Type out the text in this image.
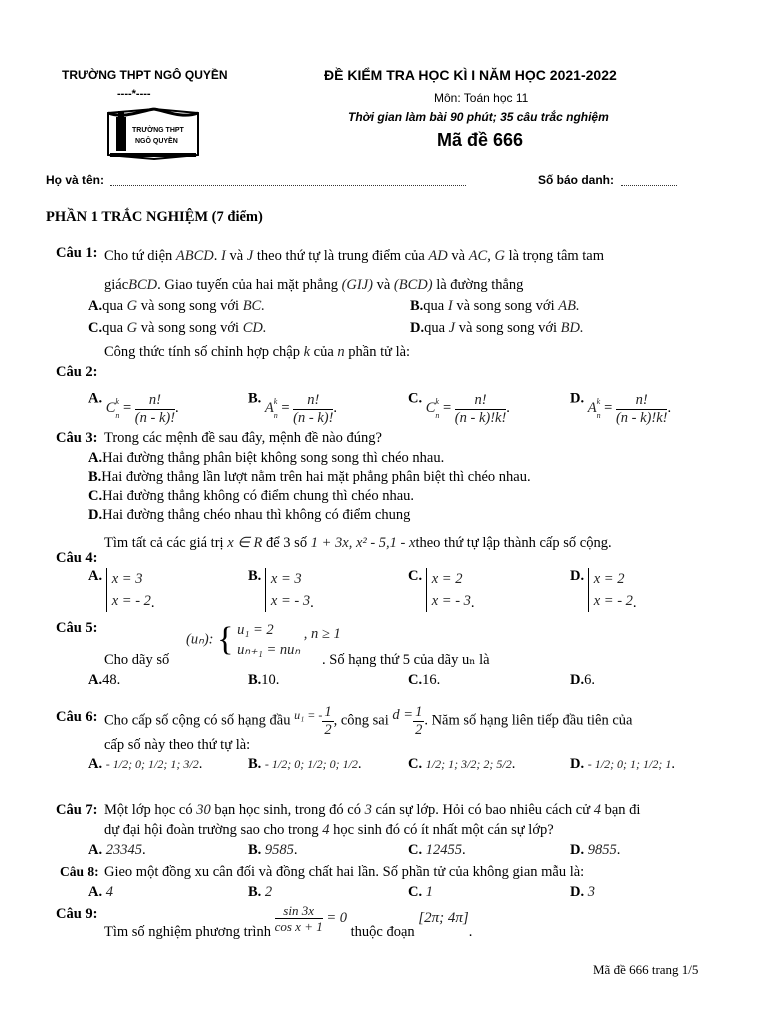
TRƯỜNG THPT NGÔ QUYỀN
----*----
TRƯỜNG THPT
NGÔ QUYỀN
ĐỀ KIỂM TRA HỌC KÌ I NĂM HỌC 2021-2022
Môn: Toán học 11
Thời gian làm bài 90 phút; 35 câu trắc nghiệm
Mã đề 666
Họ và tên:	Số báo danh:
PHẦN 1 TRẮC NGHIỆM (7 điểm)
Câu 1: Cho tứ diện ABCD. I và J theo thứ tự là trung điểm của AD và AC, G là trọng tâm tam
giácBCD. Giao tuyến của hai mặt phẳng (GIJ) và (BCD) là đường thẳng
A.qua G và song song với BC.	B.qua I và song song với AB.
C.qua G và song song với CD.	D.qua J và song song với BD.
Công thức tính số chỉnh hợp chập k của n phần tử là:
Câu 2:
A. $C_nk = \frac{n!}{(n - k)!}$ .
B. $A_nk = \frac{n!}{(n - k)!}$ .
C. $C_nk = \frac{n!}{(n - k)!k!}$ .
D. $A_nk = \frac{n!}{(n - k)!k!}$ .
Câu 3: Trong các mệnh đề sau đây, mệnh đề nào đúng?
A.Hai đường thẳng phân biệt không song song thì chéo nhau.
B.Hai đường thẳng lần lượt nằm trên hai mặt phẳng phân biệt thì chéo nhau.
C.Hai đường thẳng không có điểm chung thì chéo nhau.
D.Hai đường thẳng chéo nhau thì không có điểm chung
Tìm tất cả các giá trị x ∈ R để 3 số 1 + 3x, x² - 5,1 - xtheo thứ tự lập thành cấp số cộng.
Câu 4:
A. x = 3
x = - 2 .
B. x = 3
x = - 3 .
C. x = 2
x = - 3 .
D. x = 2
x = - 2 .
Câu 5:
(uₙ): { u₁ = 2
uₙ₊₁ = nuₙ
, n ≥ 1
Cho dãy số	. Số hạng thứ 5 của dãy uₙ là
A.48.	B.10.	C.16.	D.6.
Câu 6: Cho cấp số cộng có số hạng đầu $^{u_1 = -} \frac{1}{2}$ , công sai $d = \frac{1}{2}$ . Năm số hạng liên tiếp đầu tiên của
cấp số này theo thứ tự là:
A. - 1/2; 0; 1/2; 1; 3/2.	B. - 1/2; 0; 1/2; 0; 1/2.	C. 1/2; 1; 3/2; 2; 5/2.	D. - 1/2; 0; 1; 1/2; 1.
Câu 7: Một lớp học có 30 bạn học sinh, trong đó có 3 cán sự lớp. Hỏi có bao nhiêu cách cử 4 bạn đi
dự đại hội đoàn trường sao cho trong 4 học sinh đó có ít nhất một cán sự lớp?
A. 23345.	B. 9585.	C. 12455.	D. 9855.
Câu 8: Gieo một đồng xu cân đối và đồng chất hai lần. Số phần tử của không gian mẫu là:
A. 4	B. 2	C. 1	D. 3
Câu 9:
Tìm số nghiệm phương trình $\frac{\sin 3x}{\text{cos x + 1}} = 0$ thuộc đoạn [2π; 4π].
Mã đề 666 trang 1/5
